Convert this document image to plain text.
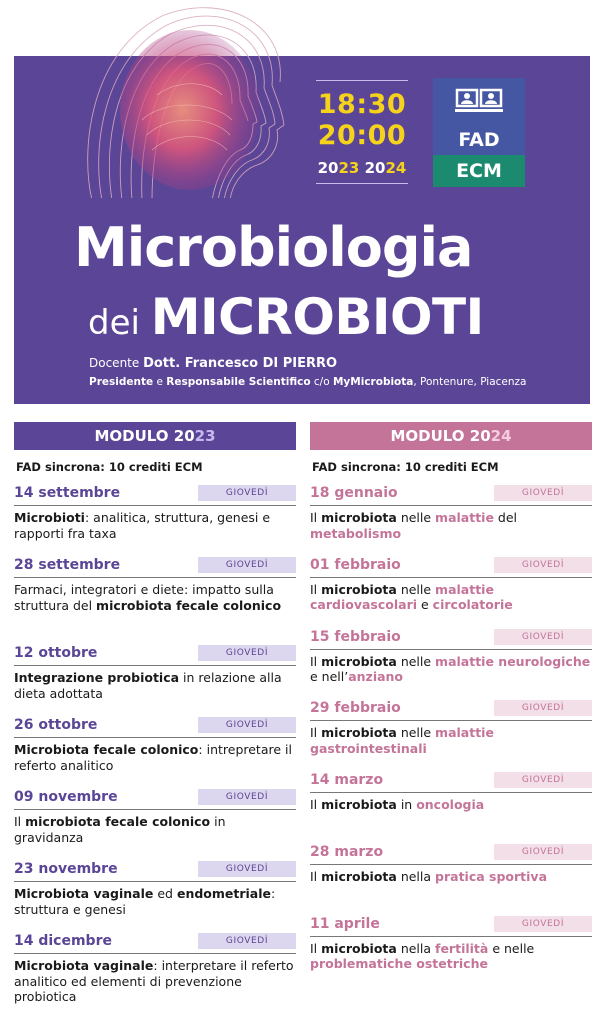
18:30
20:00
2023 2024
FAD
ECM
Microbiologia
dei MICROBIOTI
Docente Dott. Francesco DI PIERRO
Presidente e Responsabile Scientifico c/o MyMicrobiota, Pontenure, Piacenza
MODULO 2023
FAD sincrona: 10 crediti ECM
14 settembre	GIOVEDÌ
Microbioti: analitica, struttura, genesi e rapporti fra taxa
28 settembre	GIOVEDÌ
Farmaci, integratori e diete: impatto sulla struttura del microbiota fecale colonico
12 ottobre	GIOVEDÌ
Integrazione probiotica in relazione alla dieta adottata
26 ottobre	GIOVEDÌ
Microbiota fecale colonico: intrepretare il referto analitico
09 novembre	GIOVEDÌ
Il microbiota fecale colonico in gravidanza
23 novembre	GIOVEDÌ
Microbiota vaginale ed endometriale: struttura e genesi
14 dicembre	GIOVEDÌ
Microbiota vaginale: interpretare il referto analitico ed elementi di prevenzione probiotica
MODULO 2024
FAD sincrona: 10 crediti ECM
18 gennaio	GIOVEDÌ
Il microbiota nelle malattie del metabolismo
01 febbraio	GIOVEDÌ
Il microbiota nelle malattie cardiovascolari e circolatorie
15 febbraio	GIOVEDÌ
Il microbiota nelle malattie neurologiche e nell’anziano
29 febbraio	GIOVEDÌ
Il microbiota nelle malattie gastrointestinali
14 marzo	GIOVEDÌ
Il microbiota in oncologia
28 marzo	GIOVEDÌ
Il microbiota nella pratica sportiva
11 aprile	GIOVEDÌ
Il microbiota nella fertilità e nelle problematiche ostetriche
